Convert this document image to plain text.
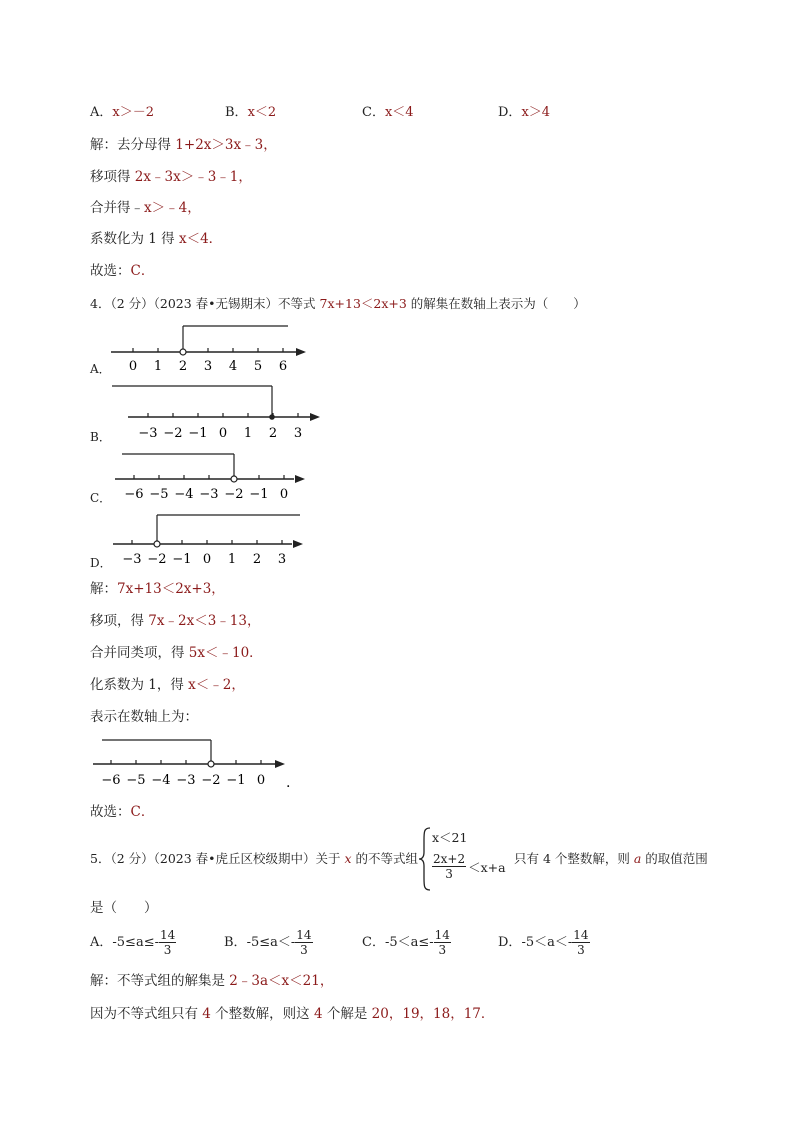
A．x＞－2	B．x＜2	C．x＜4	D．x＞4
解：去分母得 1+2x＞3x﹣3，
移项得 2x﹣3x＞﹣3﹣1，
合并得﹣x＞﹣4，
系数化为 1 得 x＜4．
故选：C．
4．（2 分）（2023 春•无锡期末）不等式 7x+13＜2x+3 的解集在数轴上表示为（　　）
A． 0 1 2 3 4 5 6
B． −3 −2 −1 0 1 2 3
C． −6 −5 −4 −3 −2 −1 0
D． −3 −2 −1 0 1 2 3
解：7x+13＜2x+3，
移项，得 7x﹣2x＜3﹣13，
合并同类项，得 5x＜﹣10．
化系数为 1，得 x＜﹣2，
表示在数轴上为：
−6 −5 −4 −3 −2 −1 0 .
故选：C．
5．（2 分）（2023 春•虎丘区校级期中）关于 x 的不等式组
x＜21
$\frac{2x+2}{3} <x+a$
只有 4 个整数解，则 a 的取值范围
是（　　）
A． $-5\le a\le- \frac{14}{3}$	B． $-5\le a<- \frac{14}{3}$	C． $-5<a\le- \frac{14}{3}$	D． $-5<a<- \frac{14}{3}$
解：不等式组的解集是 2﹣3a＜x＜21，
因为不等式组只有 4 个整数解，则这 4 个解是 20，19，18，17．
